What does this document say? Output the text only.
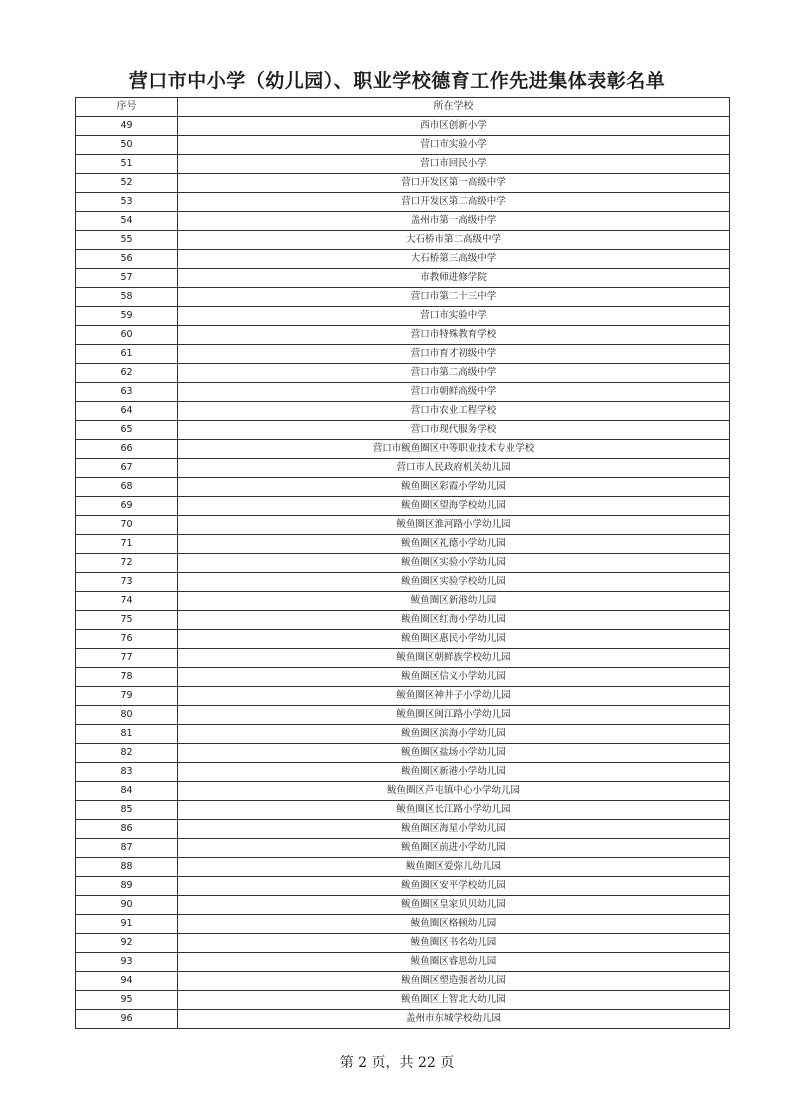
营口市中小学（幼儿园）、职业学校德育工作先进集体表彰名单
序号	所在学校
49	西市区创新小学
50	营口市实验小学
51	营口市回民小学
52	营口开发区第一高级中学
53	营口开发区第二高级中学
54	盖州市第一高级中学
55	大石桥市第二高级中学
56	大石桥第三高级中学
57	市教师进修学院
58	营口市第二十三中学
59	营口市实验中学
60	营口市特殊教育学校
61	营口市育才初级中学
62	营口市第二高级中学
63	营口市朝鲜高级中学
64	营口市农业工程学校
65	营口市现代服务学校
66	营口市鲅鱼圈区中等职业技术专业学校
67	营口市人民政府机关幼儿园
68	鲅鱼圈区彩霞小学幼儿园
69	鲅鱼圈区望海学校幼儿园
70	鲅鱼圈区淮河路小学幼儿园
71	鲅鱼圈区礼德小学幼儿园
72	鲅鱼圈区实验小学幼儿园
73	鲅鱼圈区实验学校幼儿园
74	鲅鱼圈区新港幼儿园
75	鲅鱼圈区红海小学幼儿园
76	鲅鱼圈区惠民小学幼儿园
77	鲅鱼圈区朝鲜族学校幼儿园
78	鲅鱼圈区信义小学幼儿园
79	鲅鱼圈区神井子小学幼儿园
80	鲅鱼圈区闽江路小学幼儿园
81	鲅鱼圈区滨海小学幼儿园
82	鲅鱼圈区盐场小学幼儿园
83	鲅鱼圈区新港小学幼儿园
84	鲅鱼圈区芦屯镇中心小学幼儿园
85	鲅鱼圈区长江路小学幼儿园
86	鲅鱼圈区海星小学幼儿园
87	鲅鱼圈区前进小学幼儿园
88	鲅鱼圈区爱弥儿幼儿园
89	鲅鱼圈区安平学校幼儿园
90	鲅鱼圈区皇家贝贝幼儿园
91	鲅鱼圈区格顿幼儿园
92	鲅鱼圈区书名幼儿园
93	鲅鱼圈区睿思幼儿园
94	鲅鱼圈区塑造强者幼儿园
95	鲅鱼圈区上智北大幼儿园
96	盖州市东城学校幼儿园
第 2 页，共 22 页
